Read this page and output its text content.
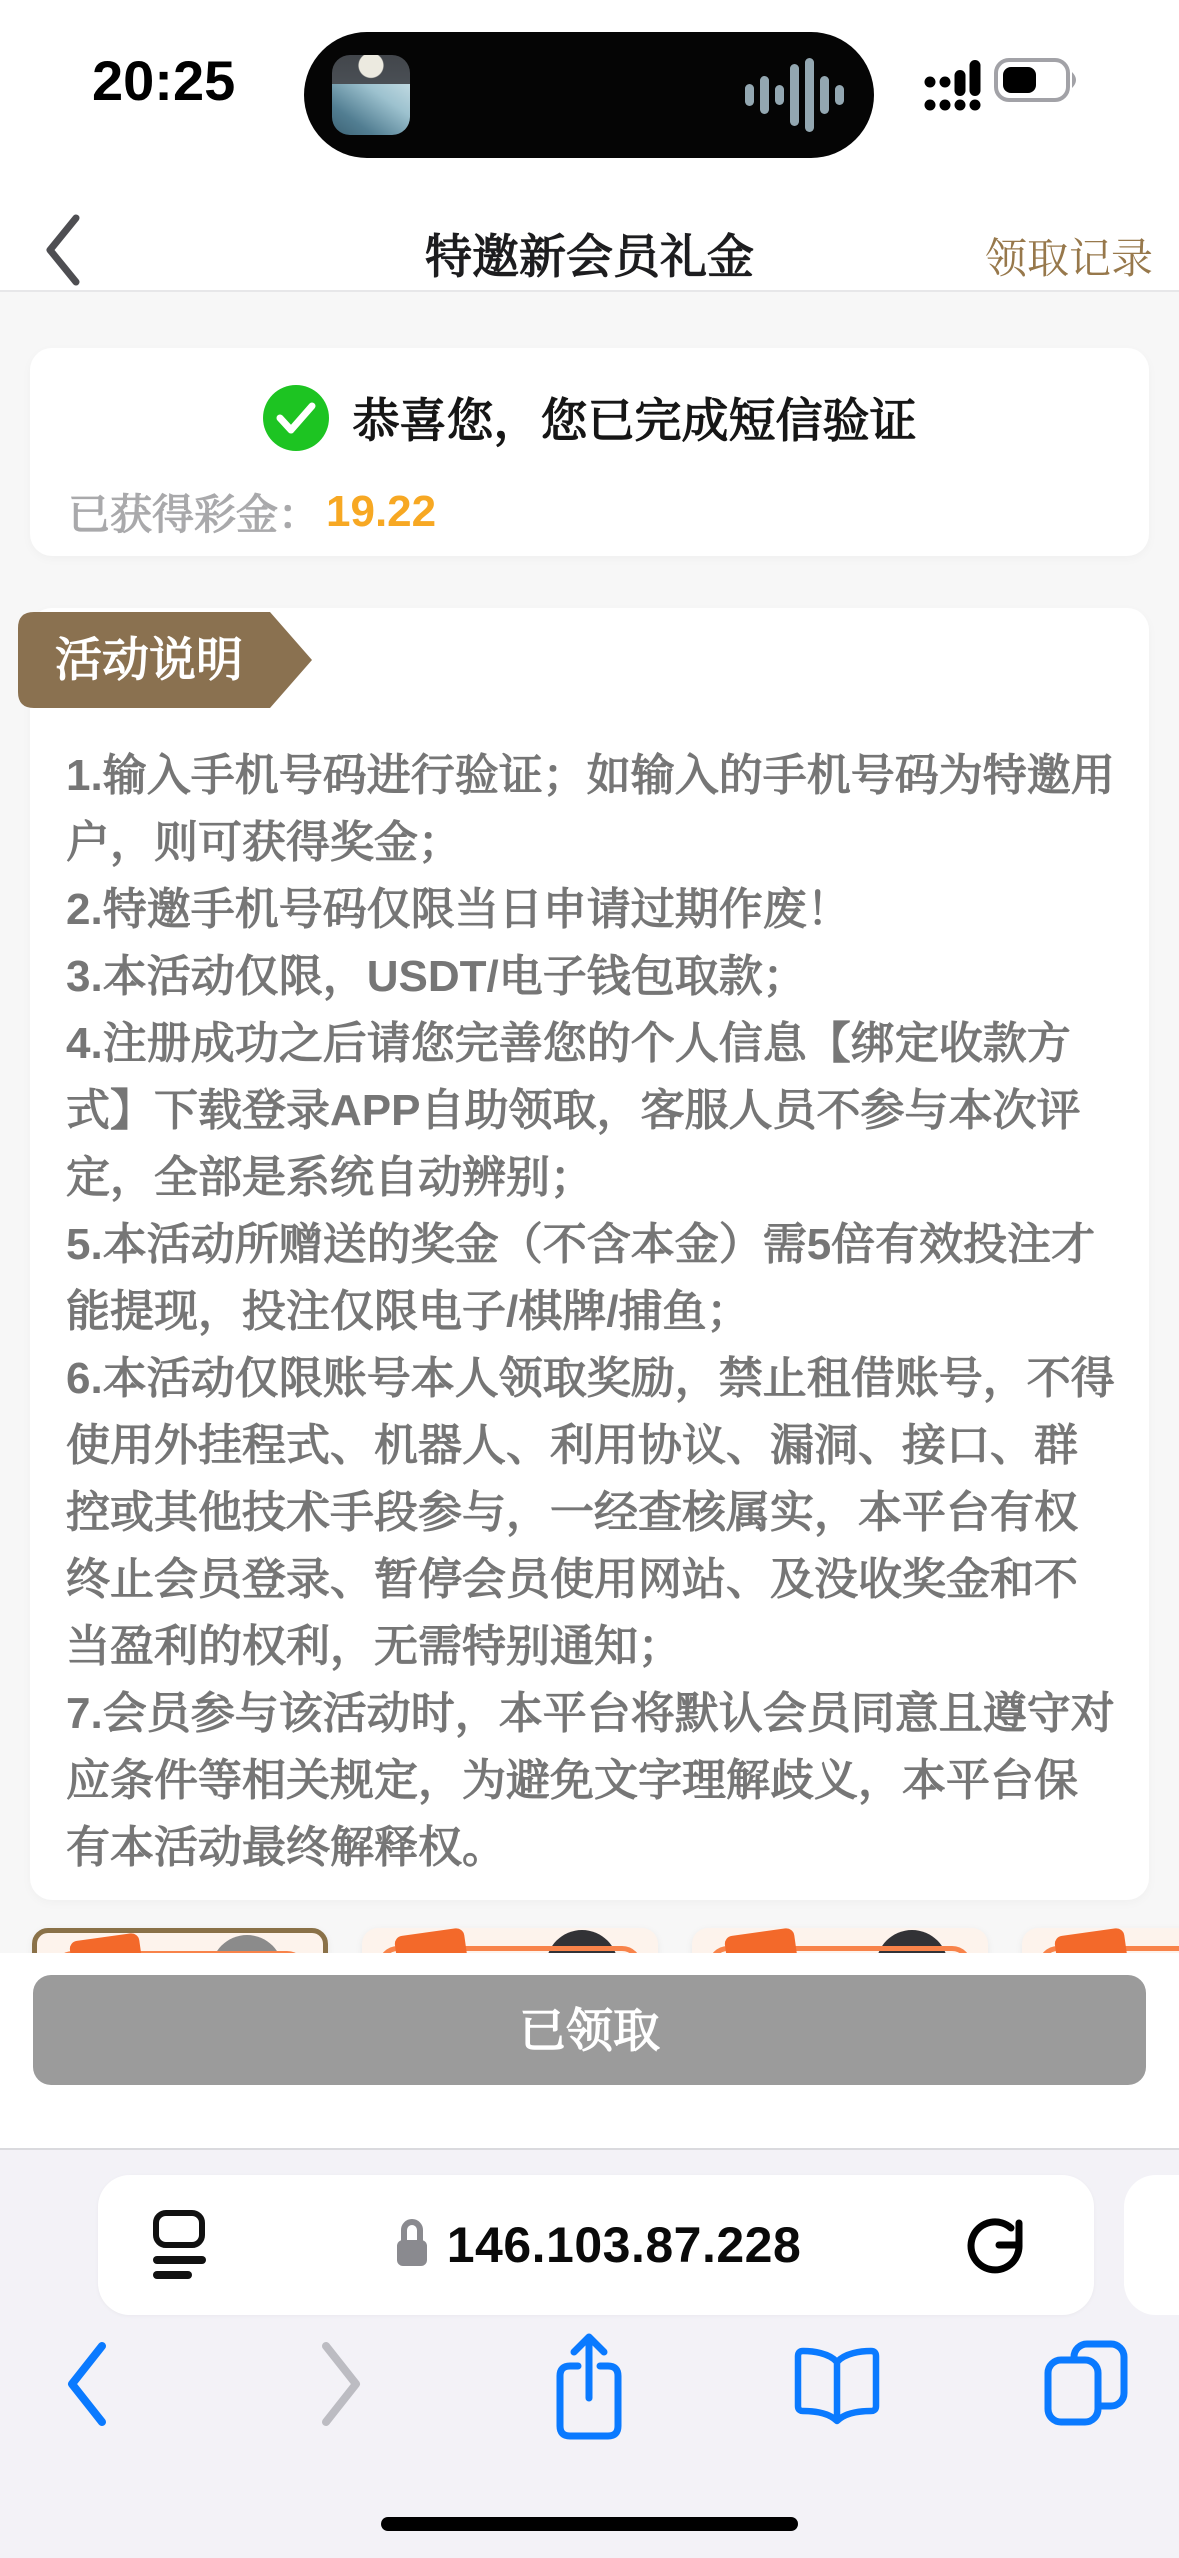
20:25
特邀新会员礼金	领取记录
恭喜您，您已完成短信验证
已获得彩金： 19.22
活动说明

1.输入手机号码进行验证；如输入的手机号码为特邀用户，则可获得奖金；

2.特邀手机号码仅限当日申请过期作废！

3.本活动仅限，USDT/电子钱包取款；

4.注册成功之后请您完善您的个人信息【绑定收款方式】下载登录APP自助领取，客服人员不参与本次评定，全部是系统自动辨别；

5.本活动所赠送的奖金（不含本金）需5倍有效投注才能提现，投注仅限电子/棋牌/捕鱼；

6.本活动仅限账号本人领取奖励，禁止租借账号，不得使用外挂程式、机器人、利用协议、漏洞、接口、群控或其他技术手段参与，一经查核属实，本平台有权终止会员登录、暂停会员使用网站、及没收奖金和不当盈利的权利，无需特别通知；

7.会员参与该活动时，本平台将默认会员同意且遵守对应条件等相关规定，为避免文字理解歧义，本平台保有本活动最终解释权。

已领取
146.103.87.228
